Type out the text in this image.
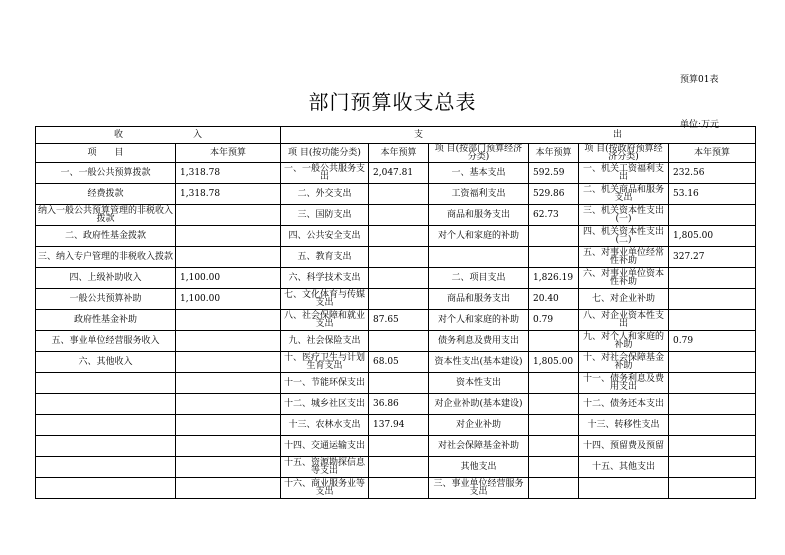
预算01表
部门预算收支总表
单位:万元
收 入		支 出					
项　　目	本年预算	项 目(按功能分类)	本年预算	项 目(按部门预算经济分类)	本年预算	项 目(按政府预算经济分类)	本年预算
一、一般公共预算拨款	1,318.78	一、一般公共服务支出	2,047.81	一、基本支出	592.59	一、机关工资福利支出	232.56
经费拨款	1,318.78	二、外交支出		工资福利支出	529.86	二、机关商品和服务支出	53.16
纳入一般公共预算管理的非税收入拨款		三、国防支出		商品和服务支出	62.73	三、机关资本性支出(一)	
二、政府性基金拨款		四、公共安全支出		对个人和家庭的补助		四、机关资本性支出(二)	1,805.00
三、纳入专户管理的非税收入拨款		五、教育支出				五、对事业单位经常性补助	327.27
四、上级补助收入	1,100.00	六、科学技术支出		二、项目支出	1,826.19	六、对事业单位资本性补助	
一般公共预算补助	1,100.00	七、文化体育与传媒支出		商品和服务支出	20.40	七、对企业补助	
政府性基金补助		八、社会保障和就业支出	87.65	对个人和家庭的补助	0.79	八、对企业资本性支出	
五、事业单位经营服务收入		九、社会保险支出		债务利息及费用支出		九、对个人和家庭的补助	0.79
六、其他收入		十、医疗卫生与计划生育支出	68.05	资本性支出(基本建设)	1,805.00	十、对社会保障基金补助	
		十一、节能环保支出		资本性支出		十一、债务利息及费用支出	
		十二、城乡社区支出	36.86	对企业补助(基本建设)		十二、债务还本支出	
		十三、农林水支出	137.94	对企业补助		十三、转移性支出	
		十四、交通运输支出		对社会保障基金补助		十四、预留费及预留	
		十五、资源勘探信息等支出		其他支出		十五、其他支出	
		十六、商业服务业等支出		三、事业单位经营服务支出			
